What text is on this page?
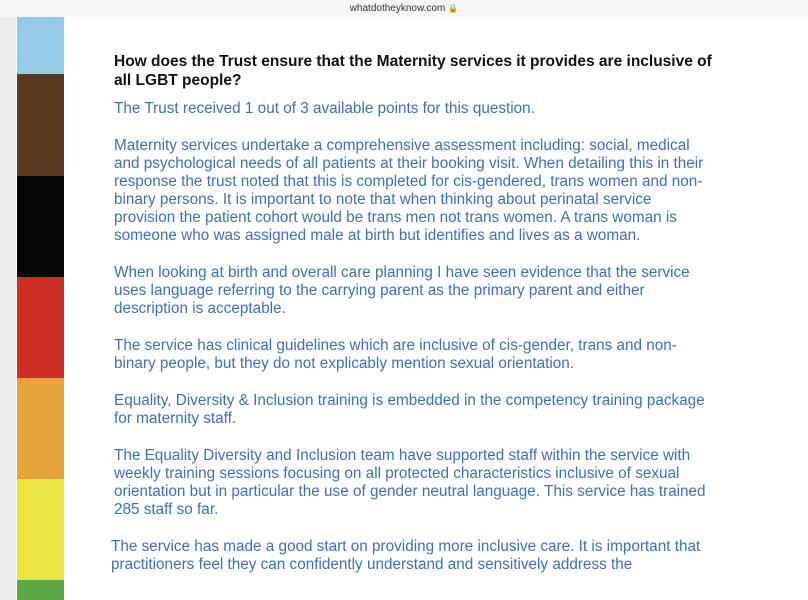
whatdotheyknow.com 🔒
How does the Trust ensure that the Maternity services it provides are inclusive of all LGBT people?

The Trust received 1 out of 3 available points for this question.

Maternity services undertake a comprehensive assessment including: social, medical and psychological needs of all patients at their booking visit. When detailing this in their response the trust noted that this is completed for cis-gendered, trans women and non-binary persons. It is important to note that when thinking about perinatal service provision the patient cohort would be trans men not trans women. A trans woman is someone who was assigned male at birth but identifies and lives as a woman.

When looking at birth and overall care planning I have seen evidence that the service uses language referring to the carrying parent as the primary parent and either description is acceptable.

The service has clinical guidelines which are inclusive of cis-gender, trans and non-binary people, but they do not explicably mention sexual orientation.

Equality, Diversity & Inclusion training is embedded in the competency training package for maternity staff.

The Equality Diversity and Inclusion team have supported staff within the service with weekly training sessions focusing on all protected characteristics inclusive of sexual orientation but in particular the use of gender neutral language. This service has trained 285 staff so far.

The service has made a good start on providing more inclusive care. It is important that practitioners feel they can confidently understand and sensitively address the
